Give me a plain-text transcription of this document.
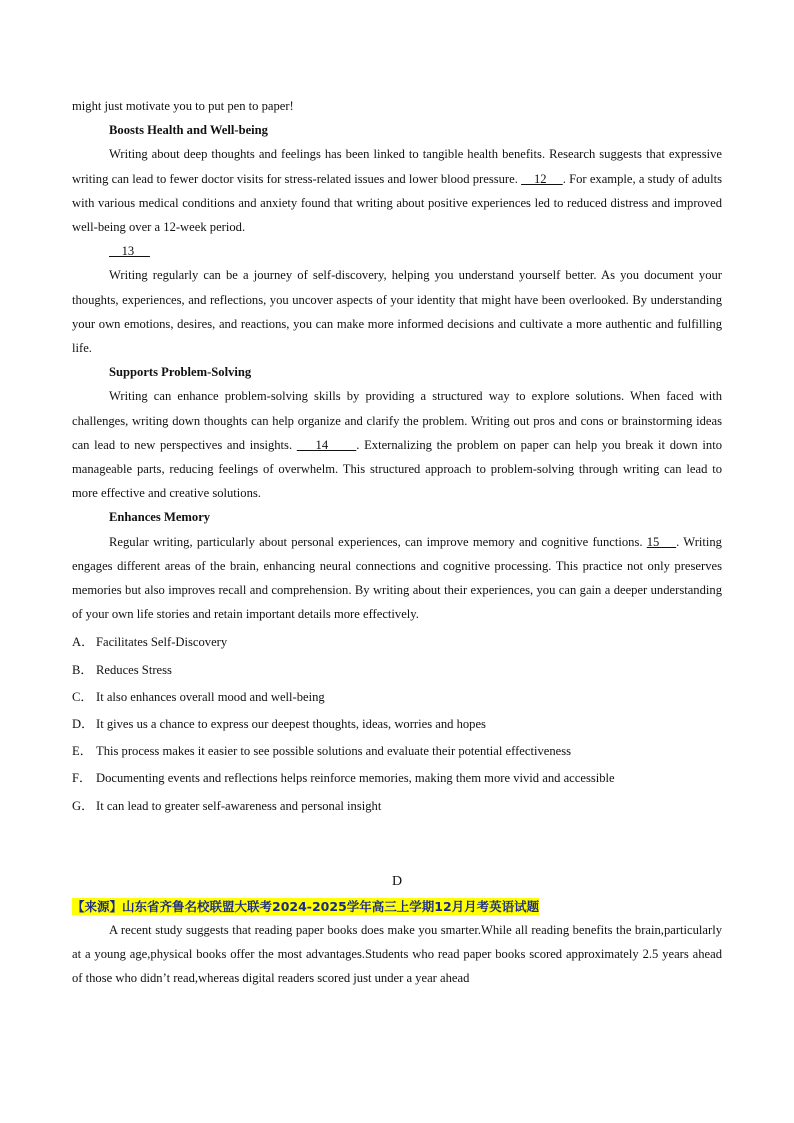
might just motivate you to put pen to paper!

Boosts Health and Well-being

Writing about deep thoughts and feelings has been linked to tangible health benefits. Research suggests that expressive writing can lead to fewer doctor visits for stress-related issues and lower blood pressure.     12     . For example, a study of adults with various medical conditions and anxiety found that writing about positive experiences led to reduced distress and improved well-being over a 12-week period.

13

Writing regularly can be a journey of self-discovery, helping you understand yourself better. As you document your thoughts, experiences, and reflections, you uncover aspects of your identity that might have been overlooked. By understanding your own emotions, desires, and reactions, you can make more informed decisions and cultivate a more authentic and fulfilling life.

Supports Problem-Solving

Writing can enhance problem-solving skills by providing a structured way to explore solutions. When faced with challenges, writing down thoughts can help organize and clarify the problem. Writing out pros and cons or brainstorming ideas can lead to new perspectives and insights.     14      . Externalizing the problem on paper can help you break it down into manageable parts, reducing feelings of overwhelm. This structured approach to problem-solving through writing can lead to more effective and creative solutions.

Enhances Memory

Regular writing, particularly about personal experiences, can improve memory and cognitive functions. 15    . Writing engages different areas of the brain, enhancing neural connections and cognitive processing. This practice not only preserves memories but also improves recall and comprehension. By writing about their experiences, you can gain a deeper understanding of your own life stories and retain important details more effectively.

A． Facilitates Self-Discovery

B． Reduces Stress

C． It also enhances overall mood and well-being

D． It gives us a chance to express our deepest thoughts, ideas, worries and hopes

E． This process makes it easier to see possible solutions and evaluate their potential effectiveness

F． Documenting events and reflections helps reinforce memories, making them more vivid and accessible

G． It can lead to greater self-awareness and personal insight

D

【来源】山东省齐鲁名校联盟大联考2024-2025学年高三上学期12月月考英语试题

A recent study suggests that reading paper books does make you smarter.While all reading benefits the brain,particularly at a young age,physical books offer the most advantages.Students who read paper books scored approximately 2.5 years ahead of those who didn’t read,whereas digital readers scored just under a year ahead
